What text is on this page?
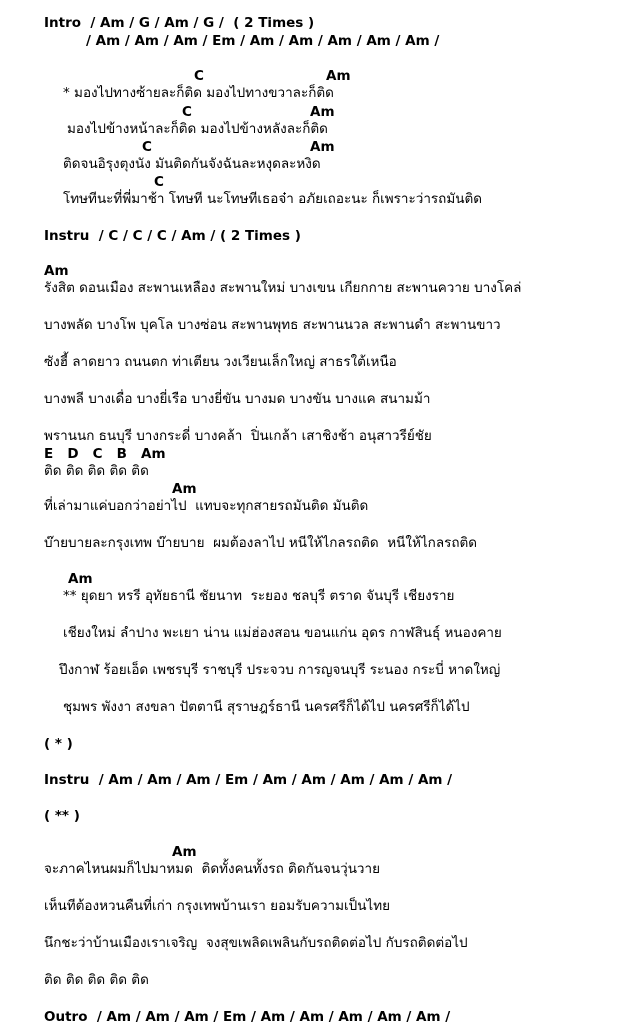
Intro  / Am / G / Am / G /  ( 2 Times )
/ Am / Am / Am / Em / Am / Am / Am / Am / Am /
C	Am
* มองไปทางซ้ายละก็ติด มองไปทางขวาละก็ติด
C	Am
มองไปข้างหน้าละก็ติด มองไปข้างหลังละก็ติด
C	Am
ติดจนอิรุงตุงนัง มันติดกันจังฉันละหงุดละหงิด
C
โทษทีนะที่พี่มาช้า โทษที นะโทษทีเธอจ๋า อภัยเถอะนะ ก็เพราะว่ารถมันติด
Instru  / C / C / C / Am / ( 2 Times )
Am
รังสิต ดอนเมือง สะพานเหลือง สะพานใหม่ บางเขน เกียกกาย สะพานควาย บางโคล่
บางพลัด บางโพ บุคโล บางซ่อน สะพานพุทธ สะพานนวล สะพานดำ สะพานขาว
ซังฮี้ ลาดยาว ถนนตก ท่าเตียน วงเวียนเล็กใหญ่ สาธรใต้เหนือ
บางพลี บางเดื่อ บางยี่เรือ บางยี่ขัน บางมด บางขัน บางแค สนามม้า
พรานนก ธนบุรี บางกระดี่ บางคล้า  ปิ่นเกล้า เสาชิงช้า อนุสาวรีย์ชัย
E   D   C   B   Am
ติด ติด ติด ติด ติด
Am
ที่เล่ามาแค่บอกว่าอย่าไป  แทบจะทุกสายรถมันติด มันติด
บ๊ายบายละกรุงเทพ บ๊ายบาย  ผมต้องลาไป หนีให้ไกลรถติด  หนีให้ไกลรถติด
Am
** ยุดยา หรรี อุทัยธานี ชัยนาท  ระยอง ชลบุรี ตราด จันบุรี เชียงราย
เชียงใหม่ ลำปาง พะเยา น่าน แม่ฮ่องสอน ขอนแก่น อุดร กาฬสินธุ์ หนองคาย
ปึงกาฬ ร้อยเอ็ด เพชรบุรี ราชบุรี ประจวบ การญจนบุรี ระนอง กระบี่ หาดใหญ่
ชุมพร พังงา สงขลา ปัตตานี สุราษฎร์ธานี นครศรีก็ได้ไป นครศรีก็ได้ไป
( * )
Instru  / Am / Am / Am / Em / Am / Am / Am / Am / Am /
( ** )
Am
จะภาคไหนผมก็ไปมาหมด  ติดทั้งคนทั้งรถ ติดกันจนวุ่นวาย
เห็นทีต้องหวนคืนที่เก่า กรุงเทพบ้านเรา ยอมรับความเป็นไทย
นึกชะว่าบ้านเมืองเราเจริญ  จงสุขเพลิดเพลินกับรถติดต่อไป กับรถติดต่อไป
ติด ติด ติด ติด ติด
Outro  / Am / Am / Am / Em / Am / Am / Am / Am / Am /
